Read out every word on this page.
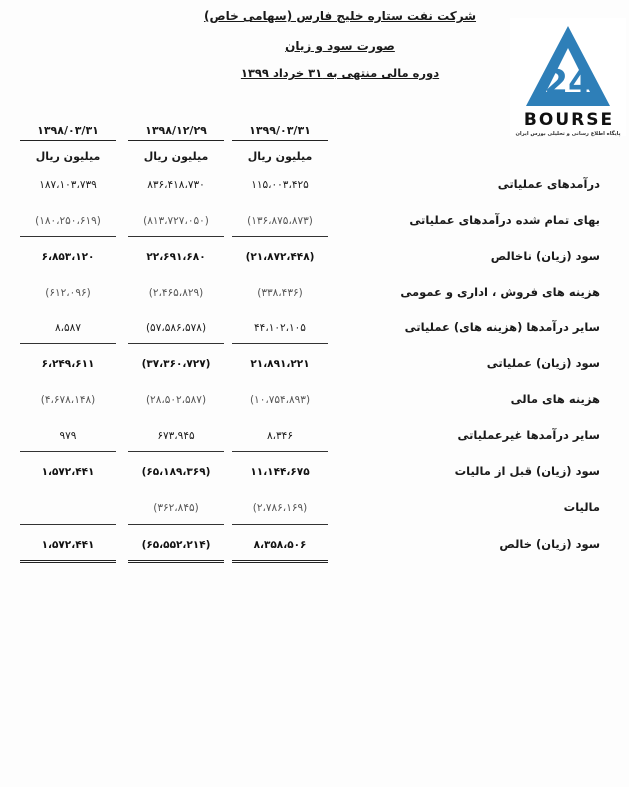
شرکت نفت ستاره خلیج فارس (سهامی خاص)
صورت سود و زیان
دوره مالی منتهی به ۳۱ خرداد ۱۳۹۹	24
BOURSE
پایگاه اطلاع رسانی و تحلیلی بورس ایران
۱۳۹۹/۰۳/۳۱
۱۳۹۸/۱۲/۲۹
۱۳۹۸/۰۳/۳۱
میلیون ریال
میلیون ریال
میلیون ریال
درآمدهای عملیاتی
۱۱۵،۰۰۳،۴۲۵
۸۳۶،۴۱۸،۷۳۰
۱۸۷،۱۰۳،۷۳۹
بهای تمام شده درآمدهای عملیاتی
(۱۳۶،۸۷۵،۸۷۳)
(۸۱۳،۷۲۷،۰۵۰)
(۱۸۰،۲۵۰،۶۱۹)
سود (زیان) ناخالص
(۲۱،۸۷۲،۴۴۸)
۲۲،۶۹۱،۶۸۰
۶،۸۵۳،۱۲۰
هزینه های فروش ، اداری و عمومی
(۳۳۸،۴۳۶)
(۲،۴۶۵،۸۲۹)
(۶۱۲،۰۹۶)
سایر درآمدها (هزینه های) عملیاتی
۴۴،۱۰۲،۱۰۵
(۵۷،۵۸۶،۵۷۸)
۸،۵۸۷
سود (زیان) عملیاتی
۲۱،۸۹۱،۲۲۱
(۳۷،۳۶۰،۷۲۷)
۶،۲۴۹،۶۱۱
هزینه های مالی
(۱۰،۷۵۴،۸۹۳)
(۲۸،۵۰۲،۵۸۷)
(۴،۶۷۸،۱۴۸)
سایر درآمدها غیرعملیاتی
۸،۳۴۶
۶۷۳،۹۴۵
۹۷۹
سود (زیان) قبل از مالیات
۱۱،۱۴۴،۶۷۵
(۶۵،۱۸۹،۳۶۹)
۱،۵۷۲،۴۴۱
مالیات
(۲،۷۸۶،۱۶۹)
(۳۶۲،۸۴۵)
سود (زیان) خالص
۸،۳۵۸،۵۰۶
(۶۵،۵۵۲،۲۱۴)
۱،۵۷۲،۴۴۱
